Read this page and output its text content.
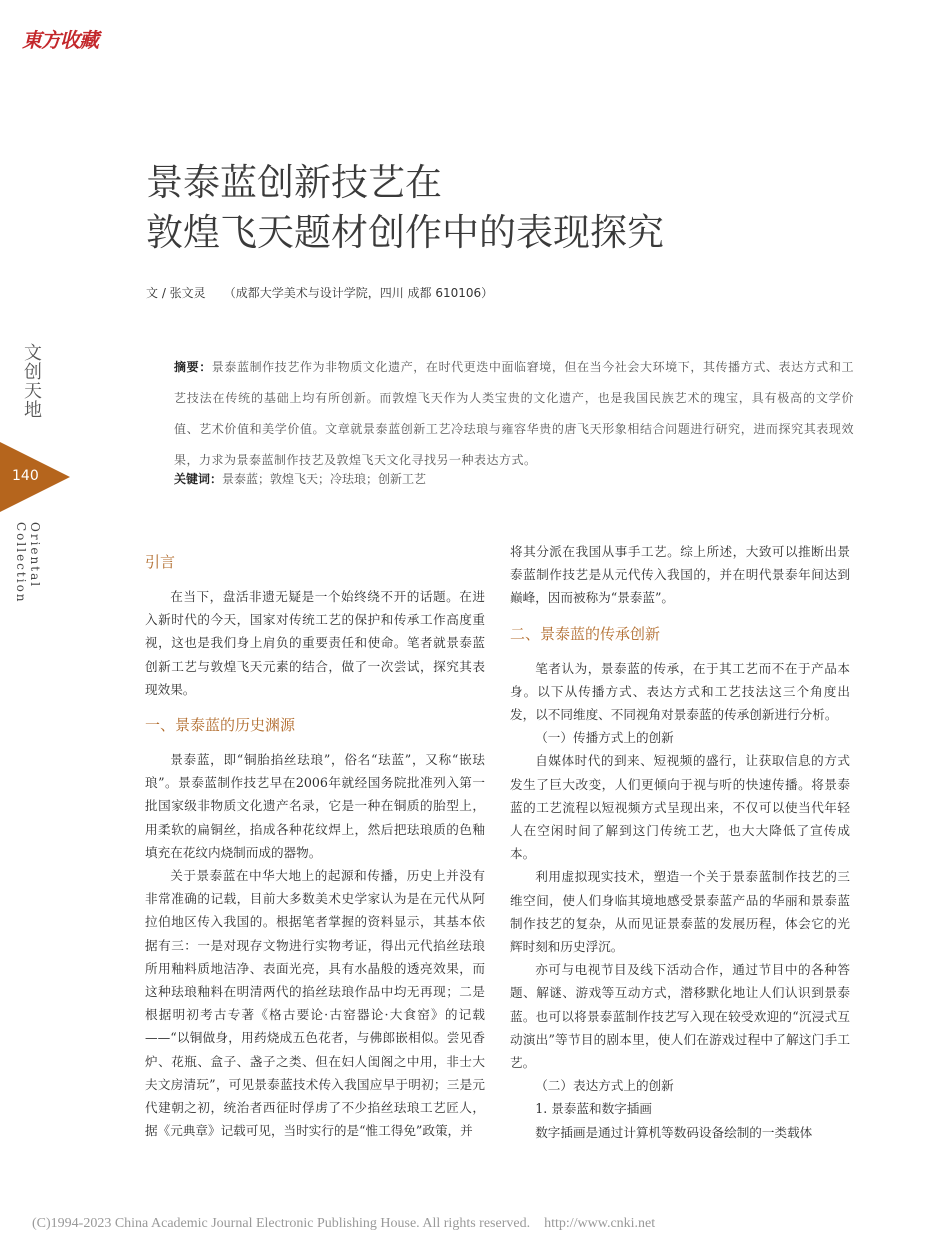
東方收藏
景泰蓝创新技艺在
敦煌飞天题材创作中的表现探究
文 / 张文灵 （成都大学美术与设计学院，四川 成都 610106）
文创天地
140
Oriental Collection
摘要：景泰蓝制作技艺作为非物质文化遗产，在时代更迭中面临窘境，但在当今社会大环境下，其传播方式、表达方式和工艺技法在传统的基础上均有所创新。而敦煌飞天作为人类宝贵的文化遗产，也是我国民族艺术的瑰宝，具有极高的文学价值、艺术价值和美学价值。文章就景泰蓝创新工艺冷珐琅与雍容华贵的唐飞天形象相结合问题进行研究，进而探究其表现效果，力求为景泰蓝制作技艺及敦煌飞天文化寻找另一种表达方式。
关键词：景泰蓝；敦煌飞天；冷珐琅；创新工艺
引言

在当下，盘活非遗无疑是一个始终绕不开的话题。在进入新时代的今天，国家对传统工艺的保护和传承工作高度重视，这也是我们身上肩负的重要责任和使命。笔者就景泰蓝创新工艺与敦煌飞天元素的结合，做了一次尝试，探究其表现效果。

一、景泰蓝的历史渊源

景泰蓝，即“铜胎掐丝珐琅”，俗名“珐蓝”，又称“嵌珐琅”。景泰蓝制作技艺早在2006年就经国务院批准列入第一批国家级非物质文化遗产名录，它是一种在铜质的胎型上，用柔软的扁铜丝，掐成各种花纹焊上，然后把珐琅质的色釉填充在花纹内烧制而成的器物。

关于景泰蓝在中华大地上的起源和传播，历史上并没有非常准确的记载，目前大多数美术史学家认为是在元代从阿拉伯地区传入我国的。根据笔者掌握的资料显示，其基本依据有三：一是对现存文物进行实物考证，得出元代掐丝珐琅所用釉料质地洁净、表面光亮，具有水晶般的透亮效果，而这种珐琅釉料在明清两代的掐丝珐琅作品中均无再现；二是根据明初考古专著《格古要论·古窑器论·大食窑》的记载——“以铜做身，用药烧成五色花者，与佛郎嵌相似。尝见香炉、花瓶、盒子、盏子之类、但在妇人闺阁之中用，非士大夫文房清玩”，可见景泰蓝技术传入我国应早于明初；三是元代建朝之初，统治者西征时俘虏了不少掐丝珐琅工艺匠人，据《元典章》记载可见，当时实行的是“惟工得免”政策，并

将其分派在我国从事手工艺。综上所述，大致可以推断出景泰蓝制作技艺是从元代传入我国的，并在明代景泰年间达到巅峰，因而被称为“景泰蓝”。

二、景泰蓝的传承创新

笔者认为，景泰蓝的传承，在于其工艺而不在于产品本身。以下从传播方式、表达方式和工艺技法这三个角度出发，以不同维度、不同视角对景泰蓝的传承创新进行分析。

（一）传播方式上的创新

自媒体时代的到来、短视频的盛行，让获取信息的方式发生了巨大改变，人们更倾向于视与听的快速传播。将景泰蓝的工艺流程以短视频方式呈现出来，不仅可以使当代年轻人在空闲时间了解到这门传统工艺，也大大降低了宣传成本。

利用虚拟现实技术，塑造一个关于景泰蓝制作技艺的三维空间，使人们身临其境地感受景泰蓝产品的华丽和景泰蓝制作技艺的复杂，从而见证景泰蓝的发展历程，体会它的光辉时刻和历史浮沉。

亦可与电视节目及线下活动合作，通过节目中的各种答题、解谜、游戏等互动方式，潜移默化地让人们认识到景泰蓝。也可以将景泰蓝制作技艺写入现在较受欢迎的“沉浸式互动演出”等节目的剧本里，使人们在游戏过程中了解这门手工艺。

（二）表达方式上的创新
1. 景泰蓝和数字插画

数字插画是通过计算机等数码设备绘制的一类载体

(C)1994-2023 China Academic Journal Electronic Publishing House. All rights reserved.    http://www.cnki.net
